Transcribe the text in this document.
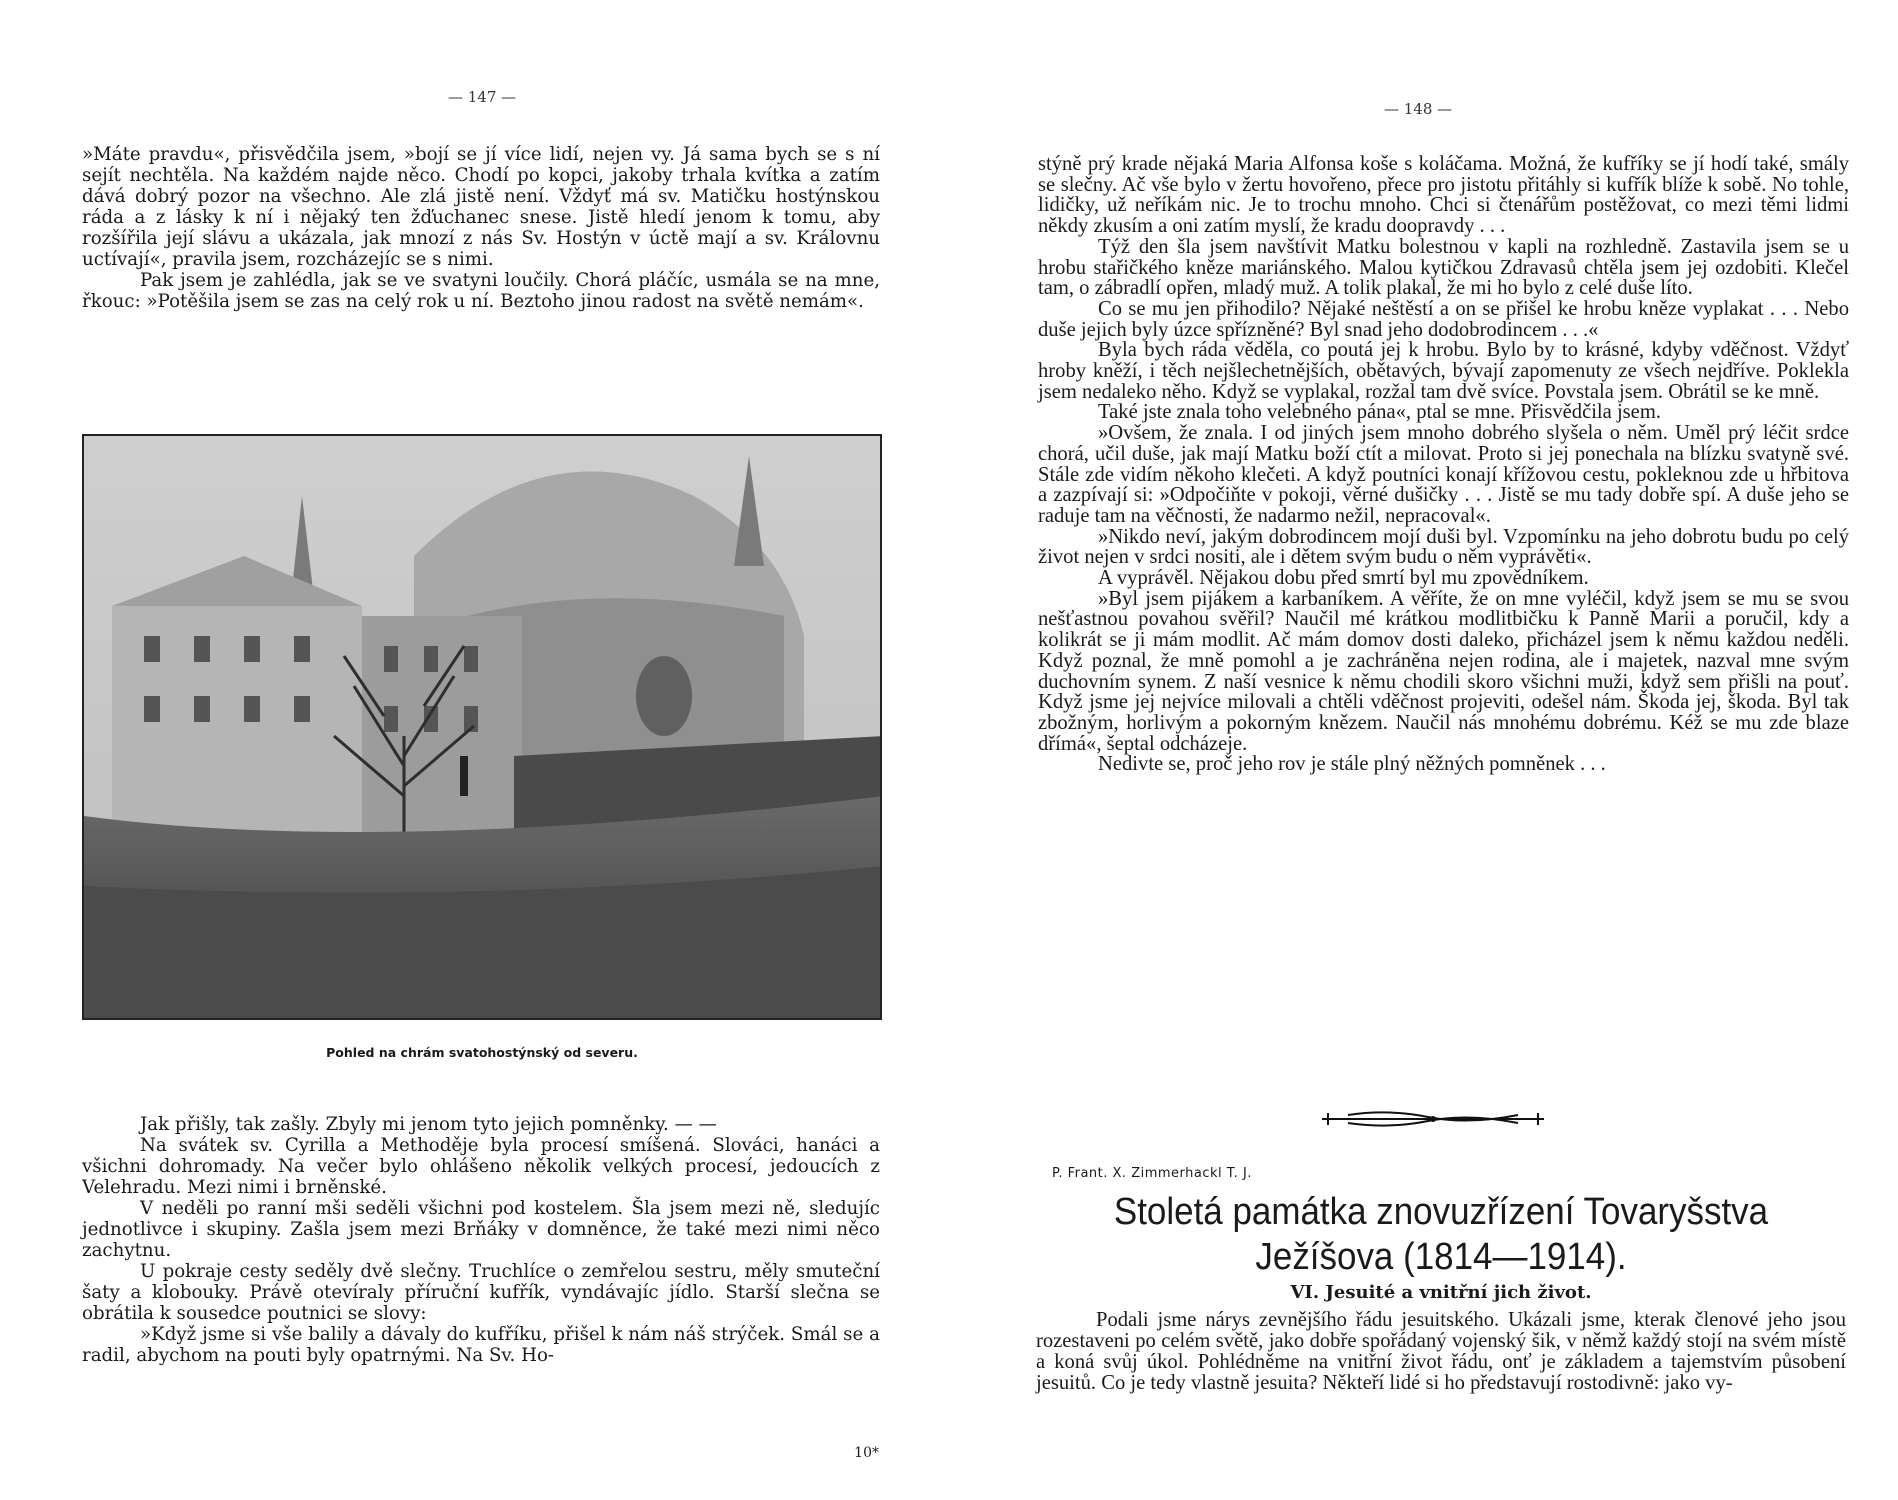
— 147 —

»Máte pravdu«, přisvědčila jsem, »bojí se jí více lidí, nejen vy. Já sama bych se s ní sejít nechtěla. Na každém najde něco. Chodí po kopci, jakoby trhala kvítka a zatím dává dobrý pozor na všechno. Ale zlá jistě není. Vždyť má sv. Matičku hostýnskou ráda a z lásky k ní i nějaký ten žďuchanec snese. Jistě hledí jenom k tomu, aby rozšířila její slávu a ukázala, jak mnozí z nás Sv. Hostýn v úctě mají a sv. Královnu uctívají«, pravila jsem, rozcházejíc se s nimi.

Pak jsem je zahlédla, jak se ve svatyni loučily. Chorá pláčíc, usmála se na mne, řkouc: »Potěšila jsem se zas na celý rok u ní. Beztoho jinou radost na světě nemám«.

Pohled na chrám svatohostýnský od severu.

Jak přišly, tak zašly. Zbyly mi jenom tyto jejich pomněnky. — —

Na svátek sv. Cyrilla a Methoděje byla procesí smíšená. Slováci, hanáci a všichni dohromady. Na večer bylo ohlášeno několik velkých procesí, jedoucích z Velehradu. Mezi nimi i brněnské.

V neděli po ranní mši seděli všichni pod kostelem. Šla jsem mezi ně, sledujíc jednotlivce i skupiny. Zašla jsem mezi Brňáky v domněnce, že také mezi nimi něco zachytnu.

U pokraje cesty seděly dvě slečny. Truchlíce o zemřelou sestru, měly smuteční šaty a klobouky. Právě otevíraly příruční kufřík, vyndávajíc jídlo. Starší slečna se obrátila k sousedce poutnici se slovy:

»Když jsme si vše balily a dávaly do kufříku, přišel k nám náš strýček. Smál se a radil, abychom na pouti byly opatrnými. Na Sv. Ho-

10*
— 148 —

stýně prý krade nějaká Maria Alfonsa koše s koláčama. Možná, že kufříky se jí hodí také, smály se slečny. Ač vše bylo v žertu hovořeno, přece pro jistotu přitáhly si kufřík blíže k sobě. No tohle, lidičky, už neříkám nic. Je to trochu mnoho. Chci si čtenářům postěžovat, co mezi těmi lidmi někdy zkusím a oni zatím myslí, že kradu doopravdy . . .

Týž den šla jsem navštívit Matku bolestnou v kapli na rozhledně. Zastavila jsem se u hrobu stařičkého kněze mariánského. Malou kytičkou Zdravasů chtěla jsem jej ozdobiti. Klečel tam, o zábradlí opřen, mladý muž. A tolik plakal, že mi ho bylo z celé duše líto.

Co se mu jen přihodilo? Nějaké neštěstí a on se přišel ke hrobu kněze vyplakat . . . Nebo duše jejich byly úzce spřízněné? Byl snad jeho dodobrodincem . . .«

Byla bych ráda věděla, co poutá jej k hrobu. Bylo by to krásné, kdyby vděčnost. Vždyť hroby kněží, i těch nejšlechetnějších, obětavých, bývají zapomenuty ze všech nejdříve. Poklekla jsem nedaleko něho. Když se vyplakal, rozžal tam dvě svíce. Povstala jsem. Obrátil se ke mně.

Také jste znala toho velebného pána«, ptal se mne. Přisvědčila jsem.

»Ovšem, že znala. I od jiných jsem mnoho dobrého slyšela o něm. Uměl prý léčit srdce chorá, učil duše, jak mají Matku boží ctít a milovat. Proto si jej ponechala na blízku svatyně své. Stále zde vidím někoho klečeti. A když poutníci konají křížovou cestu, pokleknou zde u hřbitova a zazpívají si: »Odpočiňte v pokoji, věrné dušičky . . . Jistě se mu tady dobře spí. A duše jeho se raduje tam na věčnosti, že nadarmo nežil, nepracoval«.

»Nikdo neví, jakým dobrodincem mojí duši byl. Vzpomínku na jeho dobrotu budu po celý život nejen v srdci nositi, ale i dětem svým budu o něm vyprávěti«.

A vyprávěl. Nějakou dobu před smrtí byl mu zpovědníkem.

»Byl jsem pijákem a karbaníkem. A věříte, že on mne vyléčil, když jsem se mu se svou nešťastnou povahou svěřil? Naučil mé krátkou modlitbičku k Panně Marii a poručil, kdy a kolikrát se ji mám modlit. Ač mám domov dosti daleko, přicházel jsem k němu každou neděli. Když poznal, že mně pomohl a je zachráněna nejen rodina, ale i majetek, nazval mne svým duchovním synem. Z naší vesnice k němu chodili skoro všichni muži, když sem přišli na pouť. Když jsme jej nejvíce milovali a chtěli vděčnost projeviti, odešel nám. Škoda jej, škoda. Byl tak zbožným, horlivým a pokorným knězem. Naučil nás mnohému dobrému. Kéž se mu zde blaze dřímá«, šeptal odcházeje.

Nedivte se, proč jeho rov je stále plný něžných pomněnek . . .

P. Frant. X. Zimmerhackl T. J.
Stoletá památka znovuzřízení Tovaryšstva
Ježíšova (1814—1914).
VI. Jesuité a vnitřní jich život.

Podali jsme nárys zevnějšího řádu jesuitského. Ukázali jsme, kterak členové jeho jsou rozestaveni po celém světě, jako dobře spořádaný vojenský šik, v němž každý stojí na svém místě a koná svůj úkol. Pohlédněme na vnitřní život řádu, onť je základem a tajemstvím působení jesuitů. Co je tedy vlastně jesuita? Někteří lidé si ho představují rostodivně: jako vy-
